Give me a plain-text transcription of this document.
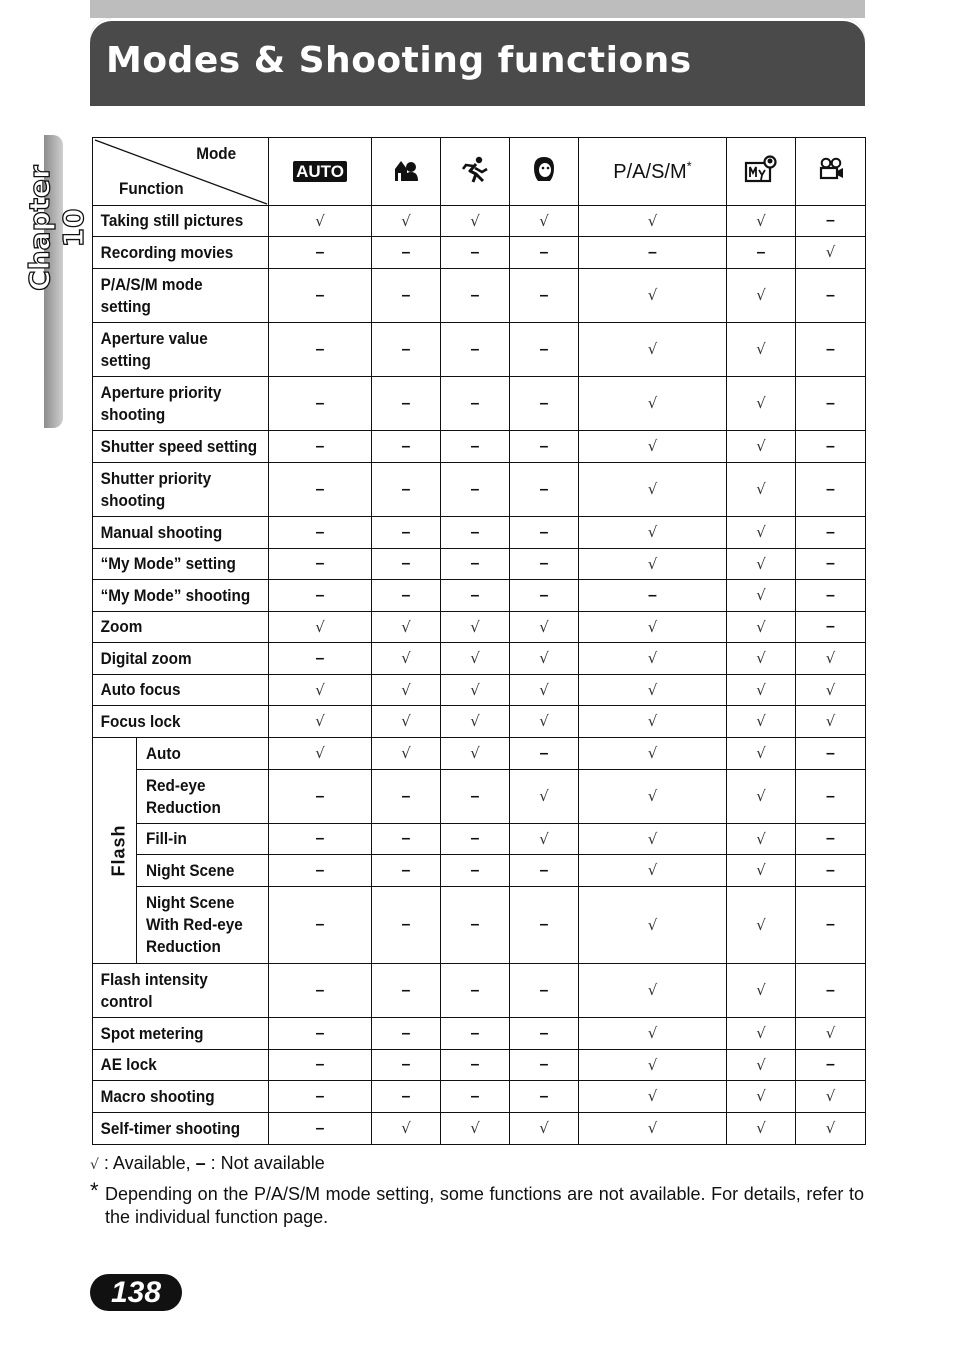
Modes & Shooting functions
Chapter 10
Mode
Function		AUTO				P/A/S/M*		
Taking still pictures		√	√	√	√	√	√	–
Recording movies		–	–	–	–	–	–	√
P/A/S/M mode
setting		–	–	–	–	√	√	–
Aperture value
setting		–	–	–	–	√	√	–
Aperture priority
shooting		–	–	–	–	√	√	–
Shutter speed setting		–	–	–	–	√	√	–
Shutter priority
shooting		–	–	–	–	√	√	–
Manual shooting		–	–	–	–	√	√	–
“My Mode” setting		–	–	–	–	√	√	–
“My Mode” shooting		–	–	–	–	–	√	–
Zoom		√	√	√	√	√	√	–
Digital zoom		–	√	√	√	√	√	√
Auto focus		√	√	√	√	√	√	√
Focus lock		√	√	√	√	√	√	√
Flash	Auto	√	√	√	–	√	√	–
	Red-eye
Reduction	–	–	–	√	√	√	–
	Fill-in	–	–	–	√	√	√	–
	Night Scene	–	–	–	–	√	√	–
	Night Scene
With Red-eye
Reduction	–	–	–	–	√	√	–
Flash intensity
control		–	–	–	–	√	√	–
Spot metering		–	–	–	–	√	√	√
AE lock		–	–	–	–	√	√	–
Macro shooting		–	–	–	–	√	√	√
Self-timer shooting		–	√	√	√	√	√	√
√ : Available, – : Not available
* Depending on the P/A/S/M mode setting, some functions are not available. For details, refer to the individual function page.
138
